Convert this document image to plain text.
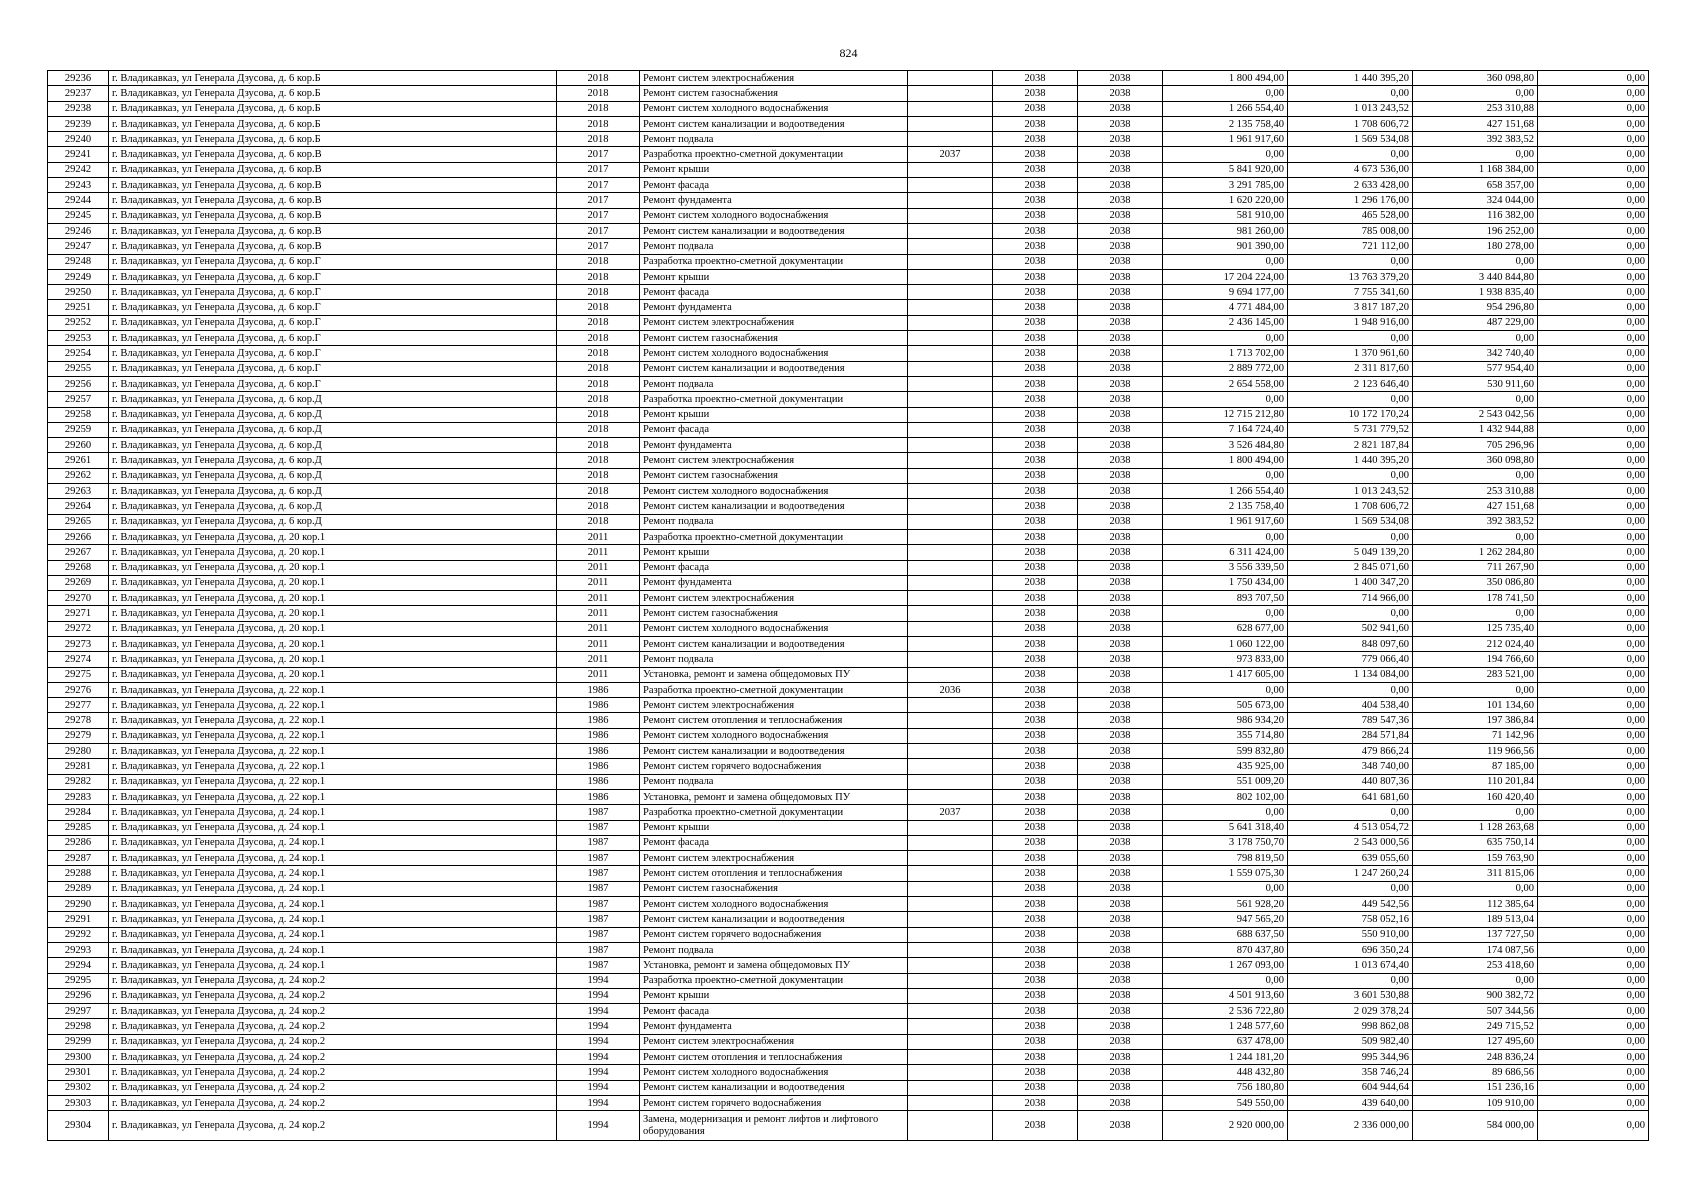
824
29236	г. Владикавказ, ул Генерала Дзусова, д. 6 кор.Б	2018	Ремонт систем электроснабжения		2038	2038	1 800 494,00	1 440 395,20	360 098,80	0,00
29237	г. Владикавказ, ул Генерала Дзусова, д. 6 кор.Б	2018	Ремонт систем газоснабжения		2038	2038	0,00	0,00	0,00	0,00
29238	г. Владикавказ, ул Генерала Дзусова, д. 6 кор.Б	2018	Ремонт систем холодного водоснабжения		2038	2038	1 266 554,40	1 013 243,52	253 310,88	0,00
29239	г. Владикавказ, ул Генерала Дзусова, д. 6 кор.Б	2018	Ремонт систем канализации и водоотведения		2038	2038	2 135 758,40	1 708 606,72	427 151,68	0,00
29240	г. Владикавказ, ул Генерала Дзусова, д. 6 кор.Б	2018	Ремонт подвала		2038	2038	1 961 917,60	1 569 534,08	392 383,52	0,00
29241	г. Владикавказ, ул Генерала Дзусова, д. 6 кор.В	2017	Разработка проектно-сметной документации	2037	2038	2038	0,00	0,00	0,00	0,00
29242	г. Владикавказ, ул Генерала Дзусова, д. 6 кор.В	2017	Ремонт крыши		2038	2038	5 841 920,00	4 673 536,00	1 168 384,00	0,00
29243	г. Владикавказ, ул Генерала Дзусова, д. 6 кор.В	2017	Ремонт фасада		2038	2038	3 291 785,00	2 633 428,00	658 357,00	0,00
29244	г. Владикавказ, ул Генерала Дзусова, д. 6 кор.В	2017	Ремонт фундамента		2038	2038	1 620 220,00	1 296 176,00	324 044,00	0,00
29245	г. Владикавказ, ул Генерала Дзусова, д. 6 кор.В	2017	Ремонт систем холодного водоснабжения		2038	2038	581 910,00	465 528,00	116 382,00	0,00
29246	г. Владикавказ, ул Генерала Дзусова, д. 6 кор.В	2017	Ремонт систем канализации и водоотведения		2038	2038	981 260,00	785 008,00	196 252,00	0,00
29247	г. Владикавказ, ул Генерала Дзусова, д. 6 кор.В	2017	Ремонт подвала		2038	2038	901 390,00	721 112,00	180 278,00	0,00
29248	г. Владикавказ, ул Генерала Дзусова, д. 6 кор.Г	2018	Разработка проектно-сметной документации		2038	2038	0,00	0,00	0,00	0,00
29249	г. Владикавказ, ул Генерала Дзусова, д. 6 кор.Г	2018	Ремонт крыши		2038	2038	17 204 224,00	13 763 379,20	3 440 844,80	0,00
29250	г. Владикавказ, ул Генерала Дзусова, д. 6 кор.Г	2018	Ремонт фасада		2038	2038	9 694 177,00	7 755 341,60	1 938 835,40	0,00
29251	г. Владикавказ, ул Генерала Дзусова, д. 6 кор.Г	2018	Ремонт фундамента		2038	2038	4 771 484,00	3 817 187,20	954 296,80	0,00
29252	г. Владикавказ, ул Генерала Дзусова, д. 6 кор.Г	2018	Ремонт систем электроснабжения		2038	2038	2 436 145,00	1 948 916,00	487 229,00	0,00
29253	г. Владикавказ, ул Генерала Дзусова, д. 6 кор.Г	2018	Ремонт систем газоснабжения		2038	2038	0,00	0,00	0,00	0,00
29254	г. Владикавказ, ул Генерала Дзусова, д. 6 кор.Г	2018	Ремонт систем холодного водоснабжения		2038	2038	1 713 702,00	1 370 961,60	342 740,40	0,00
29255	г. Владикавказ, ул Генерала Дзусова, д. 6 кор.Г	2018	Ремонт систем канализации и водоотведения		2038	2038	2 889 772,00	2 311 817,60	577 954,40	0,00
29256	г. Владикавказ, ул Генерала Дзусова, д. 6 кор.Г	2018	Ремонт подвала		2038	2038	2 654 558,00	2 123 646,40	530 911,60	0,00
29257	г. Владикавказ, ул Генерала Дзусова, д. 6 кор.Д	2018	Разработка проектно-сметной документации		2038	2038	0,00	0,00	0,00	0,00
29258	г. Владикавказ, ул Генерала Дзусова, д. 6 кор.Д	2018	Ремонт крыши		2038	2038	12 715 212,80	10 172 170,24	2 543 042,56	0,00
29259	г. Владикавказ, ул Генерала Дзусова, д. 6 кор.Д	2018	Ремонт фасада		2038	2038	7 164 724,40	5 731 779,52	1 432 944,88	0,00
29260	г. Владикавказ, ул Генерала Дзусова, д. 6 кор.Д	2018	Ремонт фундамента		2038	2038	3 526 484,80	2 821 187,84	705 296,96	0,00
29261	г. Владикавказ, ул Генерала Дзусова, д. 6 кор.Д	2018	Ремонт систем электроснабжения		2038	2038	1 800 494,00	1 440 395,20	360 098,80	0,00
29262	г. Владикавказ, ул Генерала Дзусова, д. 6 кор.Д	2018	Ремонт систем газоснабжения		2038	2038	0,00	0,00	0,00	0,00
29263	г. Владикавказ, ул Генерала Дзусова, д. 6 кор.Д	2018	Ремонт систем холодного водоснабжения		2038	2038	1 266 554,40	1 013 243,52	253 310,88	0,00
29264	г. Владикавказ, ул Генерала Дзусова, д. 6 кор.Д	2018	Ремонт систем канализации и водоотведения		2038	2038	2 135 758,40	1 708 606,72	427 151,68	0,00
29265	г. Владикавказ, ул Генерала Дзусова, д. 6 кор.Д	2018	Ремонт подвала		2038	2038	1 961 917,60	1 569 534,08	392 383,52	0,00
29266	г. Владикавказ, ул Генерала Дзусова, д. 20 кор.1	2011	Разработка проектно-сметной документации		2038	2038	0,00	0,00	0,00	0,00
29267	г. Владикавказ, ул Генерала Дзусова, д. 20 кор.1	2011	Ремонт крыши		2038	2038	6 311 424,00	5 049 139,20	1 262 284,80	0,00
29268	г. Владикавказ, ул Генерала Дзусова, д. 20 кор.1	2011	Ремонт фасада		2038	2038	3 556 339,50	2 845 071,60	711 267,90	0,00
29269	г. Владикавказ, ул Генерала Дзусова, д. 20 кор.1	2011	Ремонт фундамента		2038	2038	1 750 434,00	1 400 347,20	350 086,80	0,00
29270	г. Владикавказ, ул Генерала Дзусова, д. 20 кор.1	2011	Ремонт систем электроснабжения		2038	2038	893 707,50	714 966,00	178 741,50	0,00
29271	г. Владикавказ, ул Генерала Дзусова, д. 20 кор.1	2011	Ремонт систем газоснабжения		2038	2038	0,00	0,00	0,00	0,00
29272	г. Владикавказ, ул Генерала Дзусова, д. 20 кор.1	2011	Ремонт систем холодного водоснабжения		2038	2038	628 677,00	502 941,60	125 735,40	0,00
29273	г. Владикавказ, ул Генерала Дзусова, д. 20 кор.1	2011	Ремонт систем канализации и водоотведения		2038	2038	1 060 122,00	848 097,60	212 024,40	0,00
29274	г. Владикавказ, ул Генерала Дзусова, д. 20 кор.1	2011	Ремонт подвала		2038	2038	973 833,00	779 066,40	194 766,60	0,00
29275	г. Владикавказ, ул Генерала Дзусова, д. 20 кор.1	2011	Установка, ремонт и замена общедомовых ПУ		2038	2038	1 417 605,00	1 134 084,00	283 521,00	0,00
29276	г. Владикавказ, ул Генерала Дзусова, д. 22 кор.1	1986	Разработка проектно-сметной документации	2036	2038	2038	0,00	0,00	0,00	0,00
29277	г. Владикавказ, ул Генерала Дзусова, д. 22 кор.1	1986	Ремонт систем электроснабжения		2038	2038	505 673,00	404 538,40	101 134,60	0,00
29278	г. Владикавказ, ул Генерала Дзусова, д. 22 кор.1	1986	Ремонт систем отопления и теплоснабжения		2038	2038	986 934,20	789 547,36	197 386,84	0,00
29279	г. Владикавказ, ул Генерала Дзусова, д. 22 кор.1	1986	Ремонт систем холодного водоснабжения		2038	2038	355 714,80	284 571,84	71 142,96	0,00
29280	г. Владикавказ, ул Генерала Дзусова, д. 22 кор.1	1986	Ремонт систем канализации и водоотведения		2038	2038	599 832,80	479 866,24	119 966,56	0,00
29281	г. Владикавказ, ул Генерала Дзусова, д. 22 кор.1	1986	Ремонт систем горячего водоснабжения		2038	2038	435 925,00	348 740,00	87 185,00	0,00
29282	г. Владикавказ, ул Генерала Дзусова, д. 22 кор.1	1986	Ремонт подвала		2038	2038	551 009,20	440 807,36	110 201,84	0,00
29283	г. Владикавказ, ул Генерала Дзусова, д. 22 кор.1	1986	Установка, ремонт и замена общедомовых ПУ		2038	2038	802 102,00	641 681,60	160 420,40	0,00
29284	г. Владикавказ, ул Генерала Дзусова, д. 24 кор.1	1987	Разработка проектно-сметной документации	2037	2038	2038	0,00	0,00	0,00	0,00
29285	г. Владикавказ, ул Генерала Дзусова, д. 24 кор.1	1987	Ремонт крыши		2038	2038	5 641 318,40	4 513 054,72	1 128 263,68	0,00
29286	г. Владикавказ, ул Генерала Дзусова, д. 24 кор.1	1987	Ремонт фасада		2038	2038	3 178 750,70	2 543 000,56	635 750,14	0,00
29287	г. Владикавказ, ул Генерала Дзусова, д. 24 кор.1	1987	Ремонт систем электроснабжения		2038	2038	798 819,50	639 055,60	159 763,90	0,00
29288	г. Владикавказ, ул Генерала Дзусова, д. 24 кор.1	1987	Ремонт систем отопления и теплоснабжения		2038	2038	1 559 075,30	1 247 260,24	311 815,06	0,00
29289	г. Владикавказ, ул Генерала Дзусова, д. 24 кор.1	1987	Ремонт систем газоснабжения		2038	2038	0,00	0,00	0,00	0,00
29290	г. Владикавказ, ул Генерала Дзусова, д. 24 кор.1	1987	Ремонт систем холодного водоснабжения		2038	2038	561 928,20	449 542,56	112 385,64	0,00
29291	г. Владикавказ, ул Генерала Дзусова, д. 24 кор.1	1987	Ремонт систем канализации и водоотведения		2038	2038	947 565,20	758 052,16	189 513,04	0,00
29292	г. Владикавказ, ул Генерала Дзусова, д. 24 кор.1	1987	Ремонт систем горячего водоснабжения		2038	2038	688 637,50	550 910,00	137 727,50	0,00
29293	г. Владикавказ, ул Генерала Дзусова, д. 24 кор.1	1987	Ремонт подвала		2038	2038	870 437,80	696 350,24	174 087,56	0,00
29294	г. Владикавказ, ул Генерала Дзусова, д. 24 кор.1	1987	Установка, ремонт и замена общедомовых ПУ		2038	2038	1 267 093,00	1 013 674,40	253 418,60	0,00
29295	г. Владикавказ, ул Генерала Дзусова, д. 24 кор.2	1994	Разработка проектно-сметной документации		2038	2038	0,00	0,00	0,00	0,00
29296	г. Владикавказ, ул Генерала Дзусова, д. 24 кор.2	1994	Ремонт крыши		2038	2038	4 501 913,60	3 601 530,88	900 382,72	0,00
29297	г. Владикавказ, ул Генерала Дзусова, д. 24 кор.2	1994	Ремонт фасада		2038	2038	2 536 722,80	2 029 378,24	507 344,56	0,00
29298	г. Владикавказ, ул Генерала Дзусова, д. 24 кор.2	1994	Ремонт фундамента		2038	2038	1 248 577,60	998 862,08	249 715,52	0,00
29299	г. Владикавказ, ул Генерала Дзусова, д. 24 кор.2	1994	Ремонт систем электроснабжения		2038	2038	637 478,00	509 982,40	127 495,60	0,00
29300	г. Владикавказ, ул Генерала Дзусова, д. 24 кор.2	1994	Ремонт систем отопления и теплоснабжения		2038	2038	1 244 181,20	995 344,96	248 836,24	0,00
29301	г. Владикавказ, ул Генерала Дзусова, д. 24 кор.2	1994	Ремонт систем холодного водоснабжения		2038	2038	448 432,80	358 746,24	89 686,56	0,00
29302	г. Владикавказ, ул Генерала Дзусова, д. 24 кор.2	1994	Ремонт систем канализации и водоотведения		2038	2038	756 180,80	604 944,64	151 236,16	0,00
29303	г. Владикавказ, ул Генерала Дзусова, д. 24 кор.2	1994	Ремонт систем горячего водоснабжения		2038	2038	549 550,00	439 640,00	109 910,00	0,00
29304	г. Владикавказ, ул Генерала Дзусова, д. 24 кор.2	1994	Замена, модернизация и ремонт лифтов и лифтового оборудования		2038	2038	2 920 000,00	2 336 000,00	584 000,00	0,00
